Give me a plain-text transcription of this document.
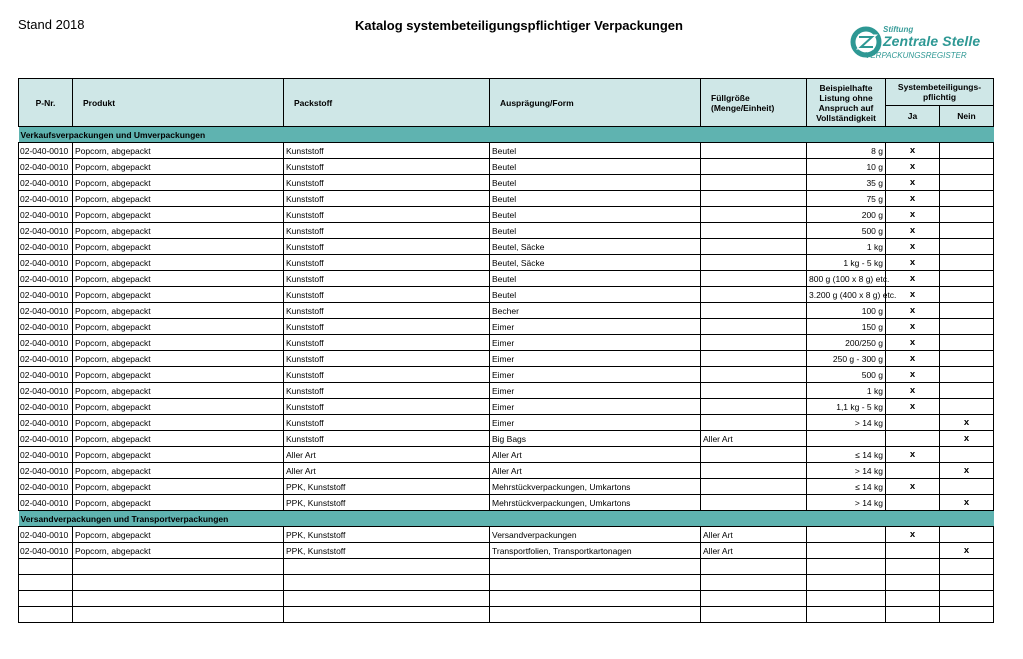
Stand 2018	Katalog systembeteiligungspflichtiger Verpackungen	Stiftung
Zentrale Stelle
VERPACKUNGSREGISTER
P-Nr.	Produkt	Packstoff	Ausprägung/Form	Füllgröße (Menge/Einheit)	Beispielhafte Listung ohne Anspruch auf Vollständigkeit	Systembeteiligungs-pflichtig	
						Ja	Nein
Verkaufsverpackungen und Umverpackungen							
02-040-0010	Popcorn, abgepackt	Kunststoff	Beutel		8 g	x	
02-040-0010	Popcorn, abgepackt	Kunststoff	Beutel		10 g	x	
02-040-0010	Popcorn, abgepackt	Kunststoff	Beutel		35 g	x	
02-040-0010	Popcorn, abgepackt	Kunststoff	Beutel		75 g	x	
02-040-0010	Popcorn, abgepackt	Kunststoff	Beutel		200 g	x	
02-040-0010	Popcorn, abgepackt	Kunststoff	Beutel		500 g	x	
02-040-0010	Popcorn, abgepackt	Kunststoff	Beutel, Säcke		1 kg	x	
02-040-0010	Popcorn, abgepackt	Kunststoff	Beutel, Säcke		1 kg - 5 kg	x	
02-040-0010	Popcorn, abgepackt	Kunststoff	Beutel		800 g (100 x 8 g) etc.	x	
02-040-0010	Popcorn, abgepackt	Kunststoff	Beutel		3.200 g (400 x 8 g) etc.	x	
02-040-0010	Popcorn, abgepackt	Kunststoff	Becher		100 g	x	
02-040-0010	Popcorn, abgepackt	Kunststoff	Eimer		150 g	x	
02-040-0010	Popcorn, abgepackt	Kunststoff	Eimer		200/250 g	x	
02-040-0010	Popcorn, abgepackt	Kunststoff	Eimer		250 g - 300 g	x	
02-040-0010	Popcorn, abgepackt	Kunststoff	Eimer		500 g	x	
02-040-0010	Popcorn, abgepackt	Kunststoff	Eimer		1 kg	x	
02-040-0010	Popcorn, abgepackt	Kunststoff	Eimer		1,1 kg - 5 kg	x	
02-040-0010	Popcorn, abgepackt	Kunststoff	Eimer		> 14 kg		x
02-040-0010	Popcorn, abgepackt	Kunststoff	Big Bags	Aller Art			x
02-040-0010	Popcorn, abgepackt	Aller Art	Aller Art		≤ 14 kg	x	
02-040-0010	Popcorn, abgepackt	Aller Art	Aller Art		> 14 kg		x
02-040-0010	Popcorn, abgepackt	PPK, Kunststoff	Mehrstückverpackungen, Umkartons		≤ 14 kg	x	
02-040-0010	Popcorn, abgepackt	PPK, Kunststoff	Mehrstückverpackungen, Umkartons		> 14 kg		x
Versandverpackungen und Transportverpackungen							
02-040-0010	Popcorn, abgepackt	PPK, Kunststoff	Versandverpackungen	Aller Art		x	
02-040-0010	Popcorn, abgepackt	PPK, Kunststoff	Transportfolien, Transportkartonagen	Aller Art			x
